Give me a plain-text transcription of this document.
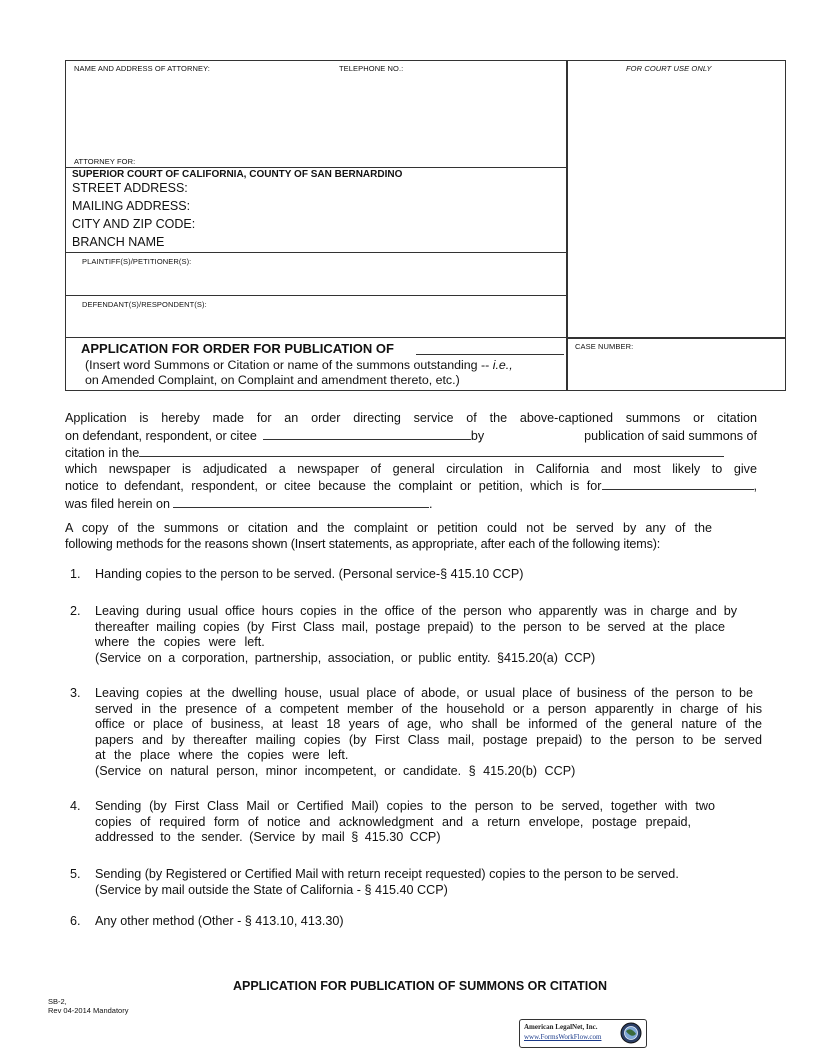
NAME AND ADDRESS OF ATTORNEY:	TELEPHONE NO.:	FOR COURT USE ONLY
ATTORNEY FOR:
SUPERIOR COURT OF CALIFORNIA, COUNTY OF SAN BERNARDINO
STREET ADDRESS:
MAILING ADDRESS:
CITY AND ZIP CODE:
BRANCH NAME
PLAINTIFF(S)/PETITIONER(S):
DEFENDANT(S)/RESPONDENT(S):
APPLICATION FOR ORDER FOR PUBLICATION OF
(Insert word Summons or Citation or name of the summons outstanding -- i.e.,
on Amended Complaint, on Complaint and amendment thereto, etc.)
CASE NUMBER:
Application is hereby made for an order directing service of the above-captioned summons or citation
on defendant, respondent, or citee	by	publication of said summons of
citation in the
which newspaper is adjudicated a newspaper of general circulation in California and most likely to give
notice to defendant, respondent, or citee because the complaint or petition, which is for	,
was filed herein on	.
A copy of the summons or citation and the complaint or petition could not be served by any of the
following methods for the reasons shown (Insert statements, as appropriate, after each of the following items):
1. Handing copies to the person to be served. (Personal service-§ 415.10 CCP)
2. Leaving during usual office hours copies in the office of the person who apparently was in charge and by
thereafter mailing copies (by First Class mail, postage prepaid) to the person to be served at the place
where the copies were left.
(Service on a corporation, partnership, association, or public entity. §415.20(a) CCP)
3. Leaving copies at the dwelling house, usual place of abode, or usual place of business of the person to be
served in the presence of a competent member of the household or a person apparently in charge of his
office or place of business, at least 18 years of age, who shall be informed of the general nature of the
papers and by thereafter mailing copies (by First Class mail, postage prepaid) to the person to be served
at the place where the copies were left.
(Service on natural person, minor incompetent, or candidate. § 415.20(b) CCP)
4. Sending (by First Class Mail or Certified Mail) copies to the person to be served, together with two
copies of required form of notice and acknowledgment and a return envelope, postage prepaid,
addressed to the sender. (Service by mail § 415.30 CCP)
5. Sending (by Registered or Certified Mail with return receipt requested) copies to the person to be served.
(Service by mail outside the State of California - § 415.40 CCP)
6. Any other method (Other - § 413.10, 413.30)
APPLICATION FOR PUBLICATION OF SUMMONS OR CITATION
SB-2,
Rev 04-2014 Mandatory
American LegalNet, Inc.
www.FormsWorkFlow.com
